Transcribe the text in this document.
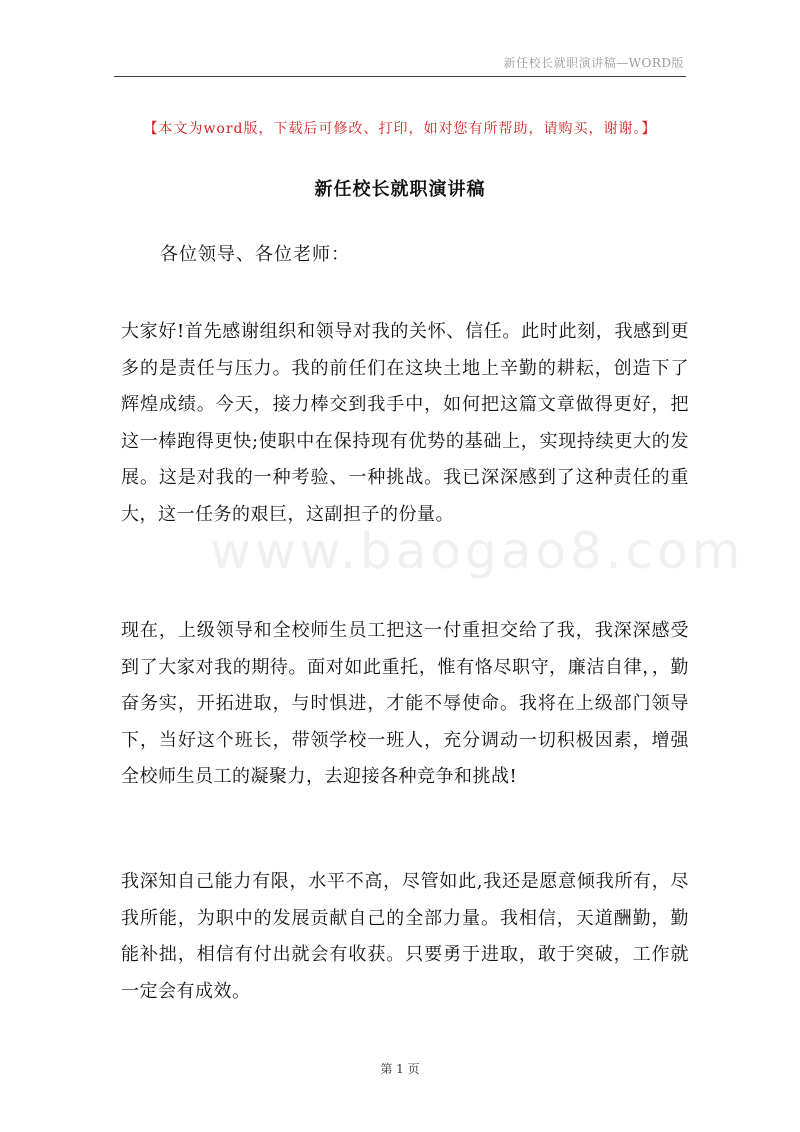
新任校长就职演讲稿—WORD版
【本文为word版，下载后可修改、打印，如对您有所帮助，请购买，谢谢。】
新任校长就职演讲稿
各位领导、各位老师：
大家好!首先感谢组织和领导对我的关怀、信任。此时此刻，我感到更多的是责任与压力。我的前任们在这块土地上辛勤的耕耘，创造下了辉煌成绩。今天，接力棒交到我手中，如何把这篇文章做得更好，把这一棒跑得更快;使职中在保持现有优势的基础上，实现持续更大的发展。这是对我的一种考验、一种挑战。我已深深感到了这种责任的重大，这一任务的艰巨，这副担子的份量。
现在，上级领导和全校师生员工把这一付重担交给了我，我深深感受到了大家对我的期待。面对如此重托，惟有恪尽职守，廉洁自律，，勤奋务实，开拓进取，与时惧进，才能不辱使命。我将在上级部门领导下，当好这个班长，带领学校一班人，充分调动一切积极因素，增强全校师生员工的凝聚力，去迎接各种竞争和挑战!
我深知自己能力有限，水平不高，尽管如此,我还是愿意倾我所有，尽我所能，为职中的发展贡献自己的全部力量。我相信，天道酬勤，勤能补拙，相信有付出就会有收获。只要勇于进取，敢于突破，工作就一定会有成效。
www.baogao8.com
第 1 页
